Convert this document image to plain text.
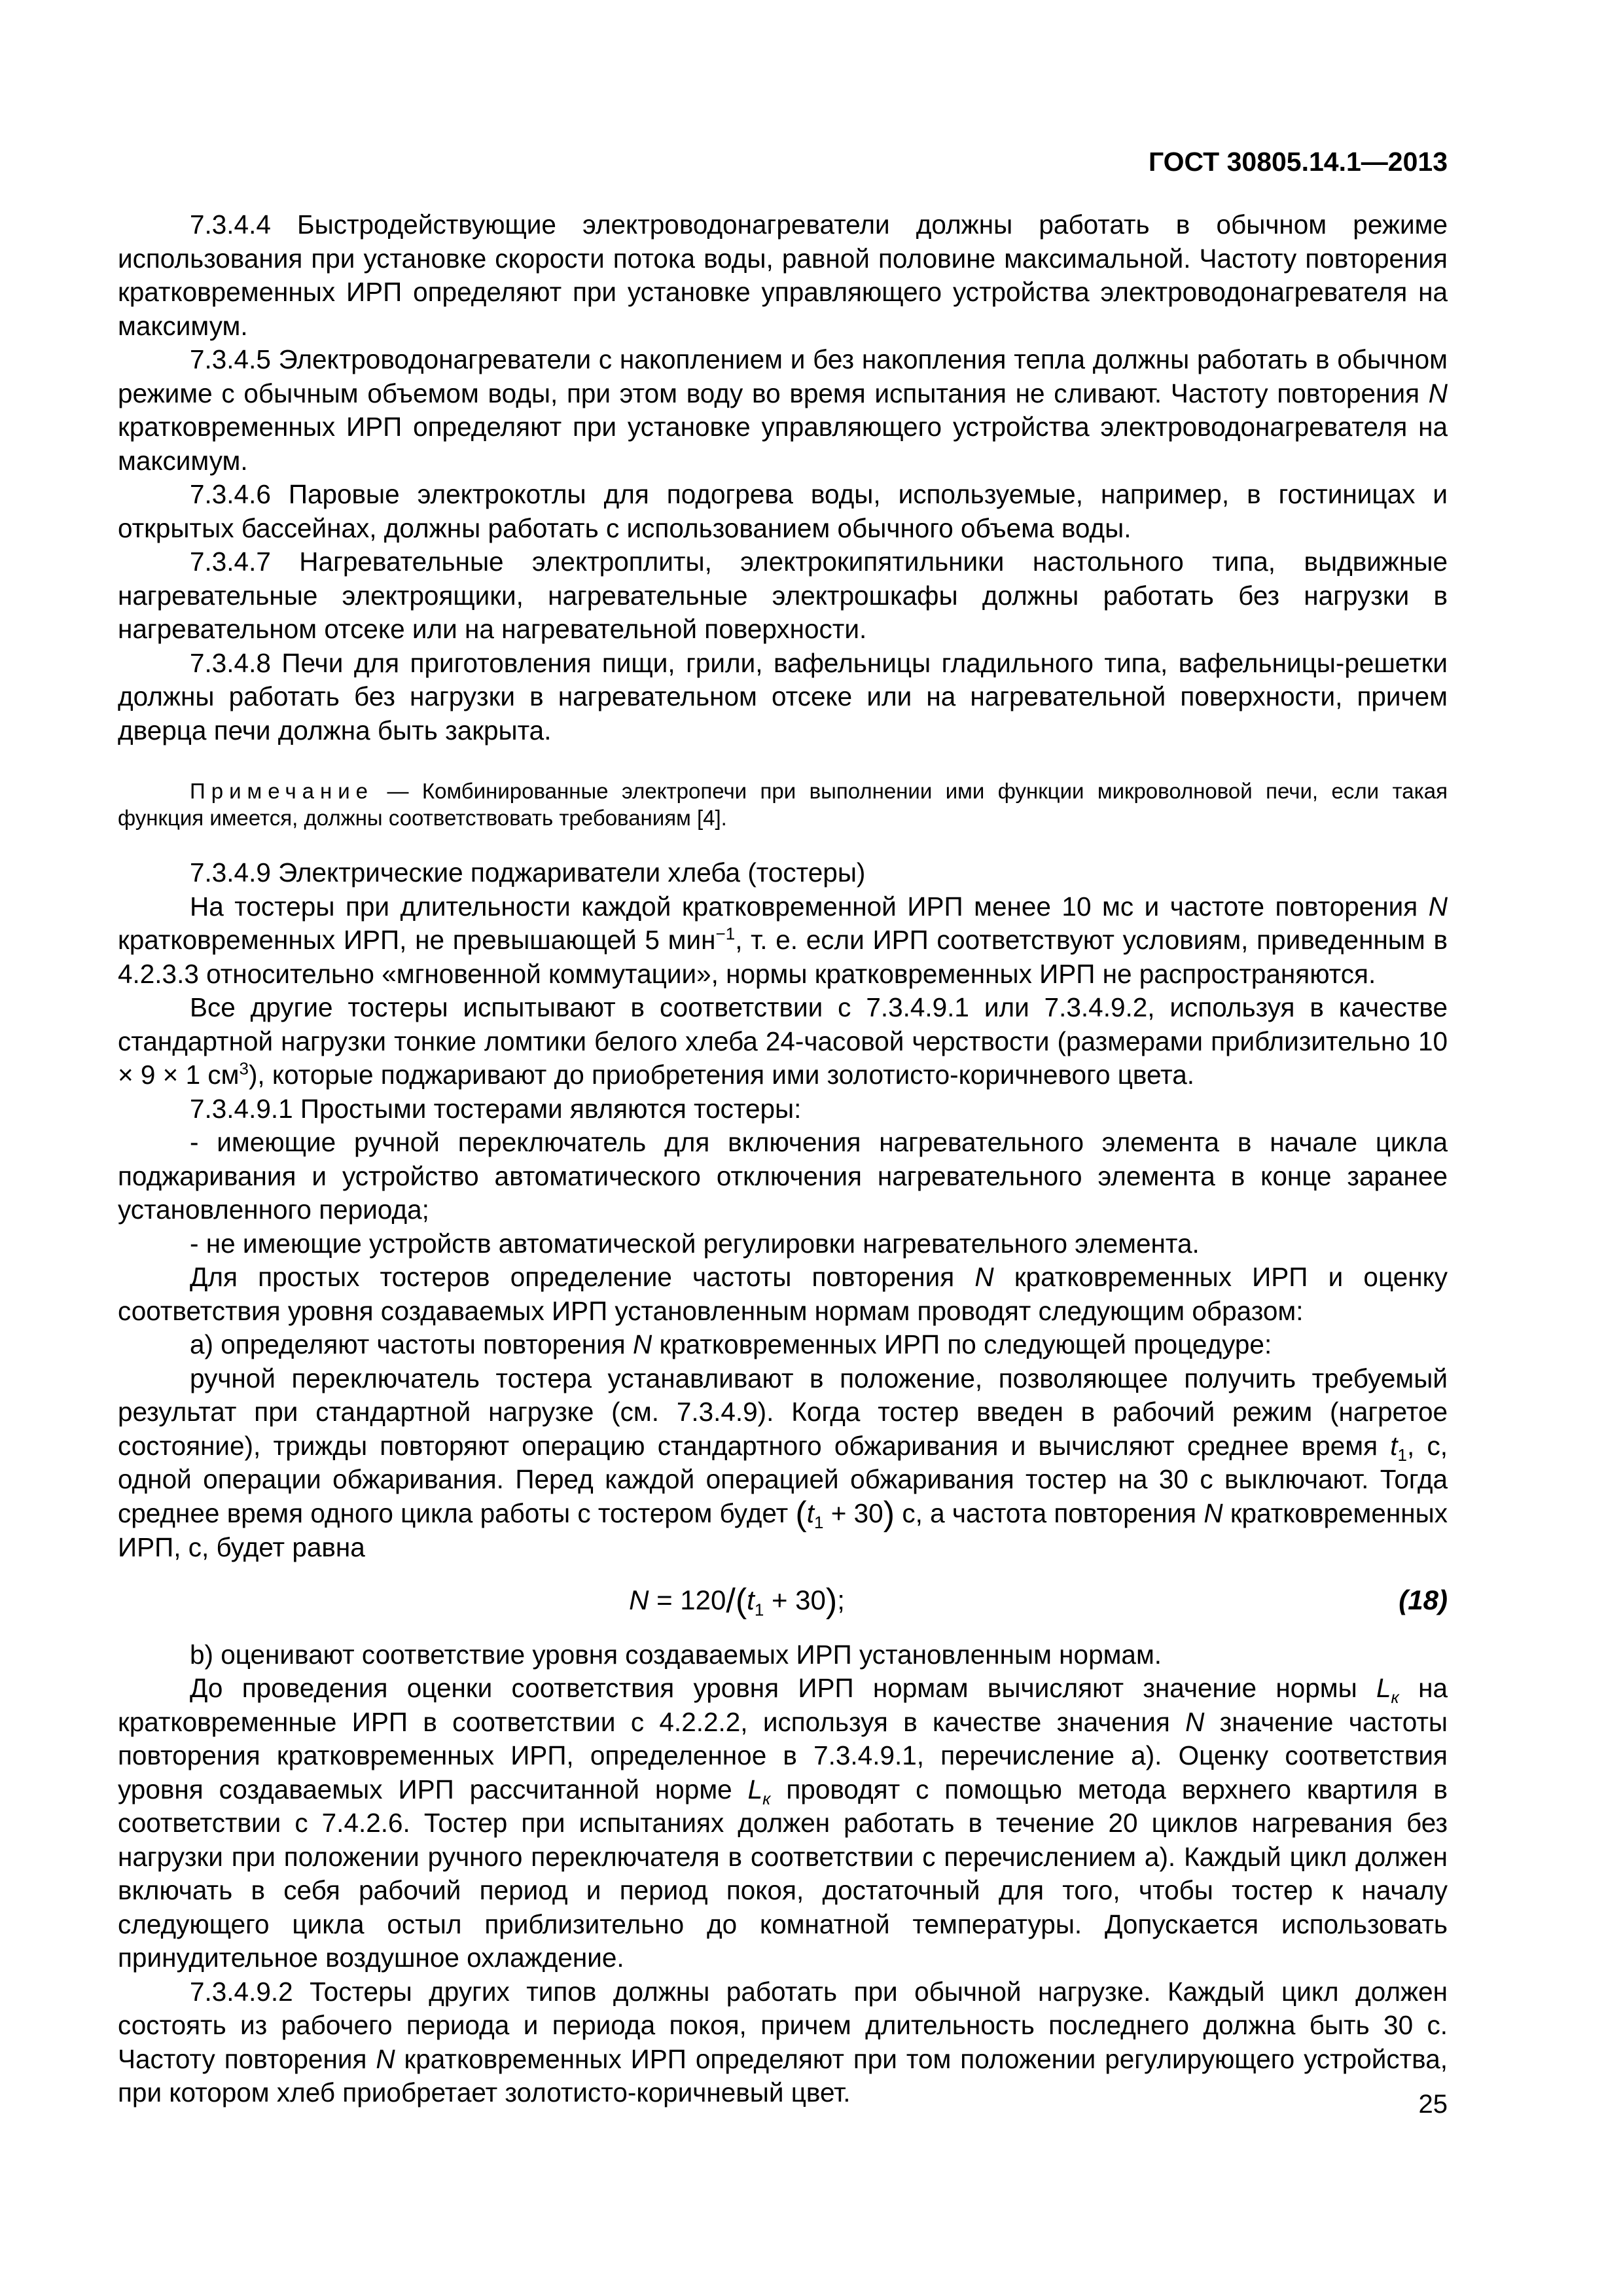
ГОСТ 30805.14.1—2013

7.3.4.4 Быстродействующие электроводонагреватели должны работать в обычном режиме использования при установке скорости потока воды, равной половине максимальной. Частоту повторения кратковременных ИРП определяют при установке управляющего устройства электроводонагревателя на максимум.

7.3.4.5 Электроводонагреватели с накоплением и без накопления тепла должны работать в обычном режиме с обычным объемом воды, при этом воду во время испытания не сливают. Частоту повторения N кратковременных ИРП определяют при установке управляющего устройства электроводонагревателя на максимум.

7.3.4.6 Паровые электрокотлы для подогрева воды, используемые, например, в гостиницах и открытых бассейнах, должны работать с использованием обычного объема воды.

7.3.4.7 Нагревательные электроплиты, электрокипятильники настольного типа, выдвижные нагревательные электроящики, нагревательные электрошкафы должны работать без нагрузки в нагревательном отсеке или на нагревательной поверхности.

7.3.4.8 Печи для приготовления пищи, грили, вафельницы гладильного типа, вафельницы-решетки должны работать без нагрузки в нагревательном отсеке или на нагревательной поверхности, причем дверца печи должна быть закрыта.

Примечание — Комбинированные электропечи при выполнении ими функции микроволновой печи, если такая функция имеется, должны соответствовать требованиям [4].

7.3.4.9 Электрические поджариватели хлеба (тостеры)

На тостеры при длительности каждой кратковременной ИРП менее 10 мс и частоте повторения N кратковременных ИРП, не превышающей 5 мин$^{-1}$, т. е. если ИРП соответствуют условиям, приведенным в 4.2.3.3 относительно «мгновенной коммутации», нормы кратковременных ИРП не распространяются.

Все другие тостеры испытывают в соответствии с 7.3.4.9.1 или 7.3.4.9.2, используя в качестве стандартной нагрузки тонкие ломтики белого хлеба 24-часовой черствости (размерами приблизительно 10 × 9 × 1 $см^3$), которые поджаривают до приобретения ими золотисто-коричневого цвета.

7.3.4.9.1 Простыми тостерами являются тостеры:

- имеющие ручной переключатель для включения нагревательного элемента в начале цикла поджаривания и устройство автоматического отключения нагревательного элемента в конце заранее установленного периода;

- не имеющие устройств автоматической регулировки нагревательного элемента.

Для простых тостеров определение частоты повторения N кратковременных ИРП и оценку соответствия уровня создаваемых ИРП установленным нормам проводят следующим образом:

a) определяют частоты повторения N кратковременных ИРП по следующей процедуре:

ручной переключатель тостера устанавливают в положение, позволяющее получить требуемый результат при стандартной нагрузке (см. 7.3.4.9). Когда тостер введен в рабочий режим (нагретое состояние), трижды повторяют операцию стандартного обжаривания и вычисляют среднее время $t_1$, с, одной операции обжаривания. Перед каждой операцией обжаривания тостер на 30 с выключают. Тогда среднее время одного цикла работы с тостером будет $(t_1 + 30)$ с, а частота повторения N кратковременных ИРП, с, будет равна

$N = 120/(t_1 + 30)$;	(18)

b) оценивают соответствие уровня создаваемых ИРП установленным нормам.

До проведения оценки соответствия уровня ИРП нормам вычисляют значение нормы $L_к$ на кратковременные ИРП в соответствии с 4.2.2.2, используя в качестве значения N значение частоты повторения кратковременных ИРП, определенное в 7.3.4.9.1, перечисление a). Оценку соответствия уровня создаваемых ИРП рассчитанной норме $L_к$ проводят с помощью метода верхнего квартиля в соответствии с 7.4.2.6. Тостер при испытаниях должен работать в течение 20 циклов нагревания без нагрузки при положении ручного переключателя в соответствии с перечислением a). Каждый цикл должен включать в себя рабочий период и период покоя, достаточный для того, чтобы тостер к началу следующего цикла остыл приблизительно до комнатной температуры. Допускается использовать принудительное воздушное охлаждение.

7.3.4.9.2 Тостеры других типов должны работать при обычной нагрузке. Каждый цикл должен состоять из рабочего периода и периода покоя, причем длительность последнего должна быть 30 с. Частоту повторения N кратковременных ИРП определяют при том положении регулирующего устройства, при котором хлеб приобретает золотисто-коричневый цвет.	25
